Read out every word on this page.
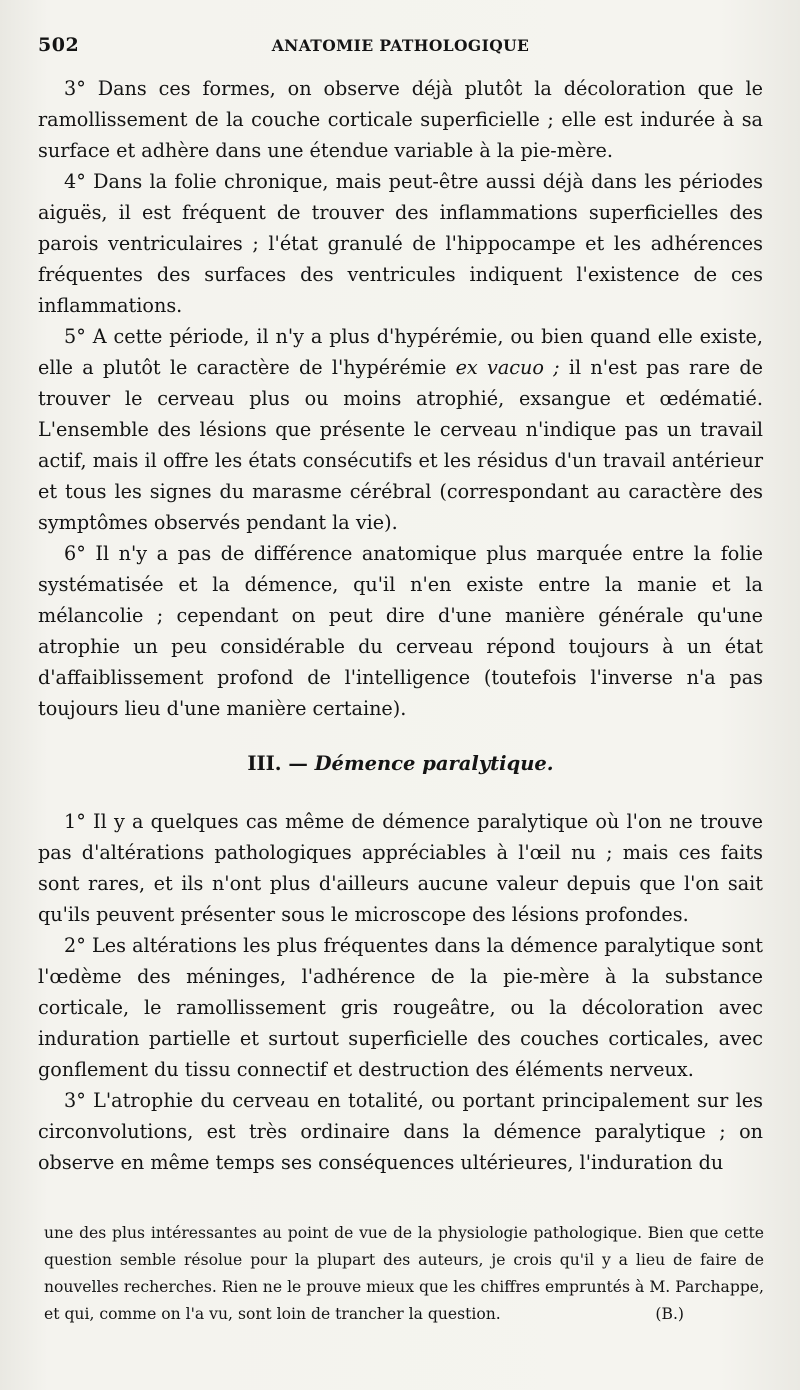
502	ANATOMIE PATHOLOGIQUE

3° Dans ces formes, on observe déjà plutôt la décoloration que le ramollissement de la couche corticale superficielle ; elle est indurée à sa surface et adhère dans une étendue variable à la pie-mère.

4° Dans la folie chronique, mais peut-être aussi déjà dans les périodes aiguës, il est fréquent de trouver des inflammations superficielles des parois ventriculaires ; l'état granulé de l'hippocampe et les adhérences fréquentes des surfaces des ventricules indiquent l'existence de ces inflammations.

5° A cette période, il n'y a plus d'hypérémie, ou bien quand elle existe, elle a plutôt le caractère de l'hypérémie ex vacuo ; il n'est pas rare de trouver le cerveau plus ou moins atrophié, exsangue et œdématié. L'ensemble des lésions que présente le cerveau n'indique pas un travail actif, mais il offre les états consécutifs et les résidus d'un travail antérieur et tous les signes du marasme cérébral (correspondant au caractère des symptômes observés pendant la vie).

6° Il n'y a pas de différence anatomique plus marquée entre la folie systématisée et la démence, qu'il n'en existe entre la manie et la mélancolie ; cependant on peut dire d'une manière générale qu'une atrophie un peu considérable du cerveau répond toujours à un état d'affaiblissement profond de l'intelligence (toutefois l'inverse n'a pas toujours lieu d'une manière certaine).

III. — Démence paralytique.

1° Il y a quelques cas même de démence paralytique où l'on ne trouve pas d'altérations pathologiques appréciables à l'œil nu ; mais ces faits sont rares, et ils n'ont plus d'ailleurs aucune valeur depuis que l'on sait qu'ils peuvent présenter sous le microscope des lésions profondes.

2° Les altérations les plus fréquentes dans la démence paralytique sont l'œdème des méninges, l'adhérence de la pie-mère à la substance corticale, le ramollissement gris rougeâtre, ou la décoloration avec induration partielle et surtout superficielle des couches corticales, avec gonflement du tissu connectif et destruction des éléments nerveux.

3° L'atrophie du cerveau en totalité, ou portant principalement sur les circonvolutions, est très ordinaire dans la démence paralytique ; on observe en même temps ses conséquences ultérieures, l'induration du

une des plus intéressantes au point de vue de la physiologie pathologique. Bien que cette question semble résolue pour la plupart des auteurs, je crois qu'il y a lieu de faire de nouvelles recherches. Rien ne le prouve mieux que les chiffres empruntés à M. Parchappe, et qui, comme on l'a vu, sont loin de trancher la question.	(B.)
